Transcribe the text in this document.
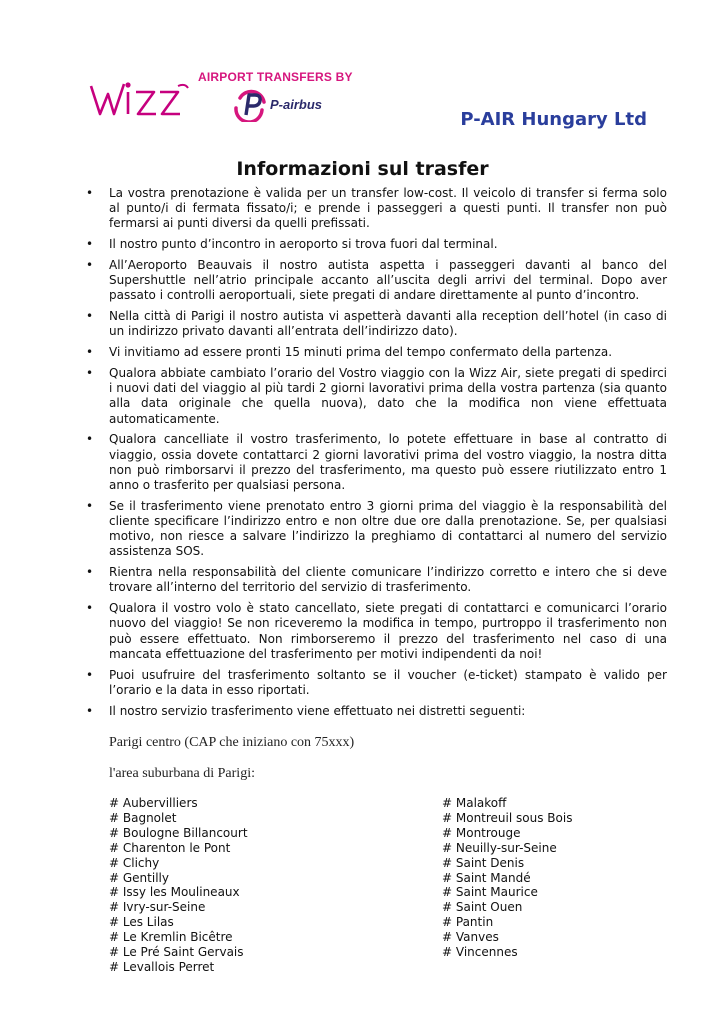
AIRPORT TRANSFERS BY
P-airbus
P-AIR Hungary Ltd
Informazioni sul trasfer
• La vostra prenotazione è valida per un transfer low-cost. Il veicolo di transfer si ferma solo al punto/i di fermata fissato/i; e prende i passeggeri a questi punti. Il transfer non può fermarsi ai punti diversi da quelli prefissati.
• Il nostro punto d’incontro in aeroporto si trova fuori dal terminal.
• All’Aeroporto Beauvais il nostro autista aspetta i passeggeri davanti al banco del Supershuttle nell’atrio principale accanto all’uscita degli arrivi del terminal. Dopo aver passato i controlli aeroportuali, siete pregati di andare direttamente al punto d’incontro.
• Nella città di Parigi il nostro autista vi aspetterà davanti alla reception dell’hotel (in caso di un indirizzo privato davanti all’entrata dell’indirizzo dato).
• Vi invitiamo ad essere pronti 15 minuti prima del tempo confermato della partenza.
• Qualora abbiate cambiato l’orario del Vostro viaggio con la Wizz Air, siete pregati di spedirci i nuovi dati del viaggio al più tardi 2 giorni lavorativi prima della vostra partenza (sia quanto alla data originale che quella nuova), dato che la modifica non viene effettuata automaticamente.
• Qualora cancelliate il vostro trasferimento, lo potete effettuare in base al contratto di viaggio, ossia dovete contattarci 2 giorni lavorativi prima del vostro viaggio, la nostra ditta non può rimborsarvi il prezzo del trasferimento, ma questo può essere riutilizzato entro 1 anno o trasferito per qualsiasi persona.
• Se il trasferimento viene prenotato entro 3 giorni prima del viaggio è la responsabilità del cliente specificare l’indirizzo entro e non oltre due ore dalla prenotazione. Se, per qualsiasi motivo, non riesce a salvare l’indirizzo la preghiamo di contattarci al numero del servizio assistenza SOS.
• Rientra nella responsabilità del cliente comunicare l’indirizzo corretto e intero che si deve trovare all’interno del territorio del servizio di trasferimento.
• Qualora il vostro volo è stato cancellato, siete pregati di contattarci e comunicarci l’orario nuovo del viaggio! Se non riceveremo la modifica in tempo, purtroppo il trasferimento non può essere effettuato. Non rimborseremo il prezzo del trasferimento nel caso di una mancata effettuazione del trasferimento per motivi indipendenti da noi!
• Puoi usufruire del trasferimento soltanto se il voucher (e-ticket) stampato è valido per l’orario e la data in esso riportati.
• Il nostro servizio trasferimento viene effettuato nei distretti seguenti:
Parigi centro (CAP che iniziano con 75xxx)
l'area suburbana di Parigi:
# Aubervilliers
# Bagnolet
# Boulogne Billancourt
# Charenton le Pont
# Clichy
# Gentilly
# Issy les Moulineaux
# Ivry-sur-Seine
# Les Lilas
# Le Kremlin Bicêtre
# Le Pré Saint Gervais
# Levallois Perret
# Malakoff
# Montreuil sous Bois
# Montrouge
# Neuilly-sur-Seine
# Saint Denis
# Saint Mandé
# Saint Maurice
# Saint Ouen
# Pantin
# Vanves
# Vincennes
